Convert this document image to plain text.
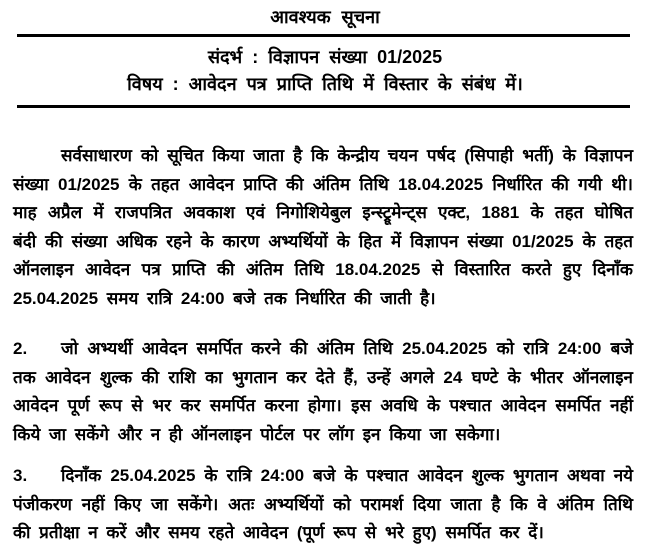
आवश्यक सूचना
संदर्भ : विज्ञापन संख्या 01/2025
विषय : आवेदन पत्र प्राप्ति तिथि में विस्तार के संबंध में।

सर्वसाधारण को सूचित किया जाता है कि केन्द्रीय चयन पर्षद (सिपाही भर्ती) के विज्ञापन संख्या 01/2025 के तहत आवेदन प्राप्ति की अंतिम तिथि 18.04.2025 निर्धारित की गयी थी। माह अप्रैल में राजपत्रित अवकाश एवं निगोशियेबुल इन्स्ट्रूमेन्ट्स एक्ट, 1881 के तहत घोषित बंदी की संख्या अधिक रहने के कारण अभ्यर्थियों के हित में विज्ञापन संख्या 01/2025 के तहत ऑनलाइन आवेदन पत्र प्राप्ति की अंतिम तिथि 18.04.2025 से विस्तारित करते हुए दिनाँक 25.04.2025 समय रात्रि 24:00 बजे तक निर्धारित की जाती है।

2. जो अभ्यर्थी आवेदन समर्पित करने की अंतिम तिथि 25.04.2025 को रात्रि 24:00 बजे तक आवेदन शुल्क की राशि का भुगतान कर देते हैं, उन्हें अगले 24 घण्टे के भीतर ऑनलाइन आवेदन पूर्ण रूप से भर कर समर्पित करना होगा। इस अवधि के पश्चात आवेदन समर्पित नहीं किये जा सकेंगे और न ही ऑनलाइन पोर्टल पर लॉग इन किया जा सकेगा।

3. दिनाँक 25.04.2025 के रात्रि 24:00 बजे के पश्चात आवेदन शुल्क भुगतान अथवा नये पंजीकरण नहीं किए जा सकेंगे। अतः अभ्यर्थियों को परामर्श दिया जाता है कि वे अंतिम तिथि की प्रतीक्षा न करें और समय रहते आवेदन (पूर्ण रूप से भरे हुए) समर्पित कर दें।
